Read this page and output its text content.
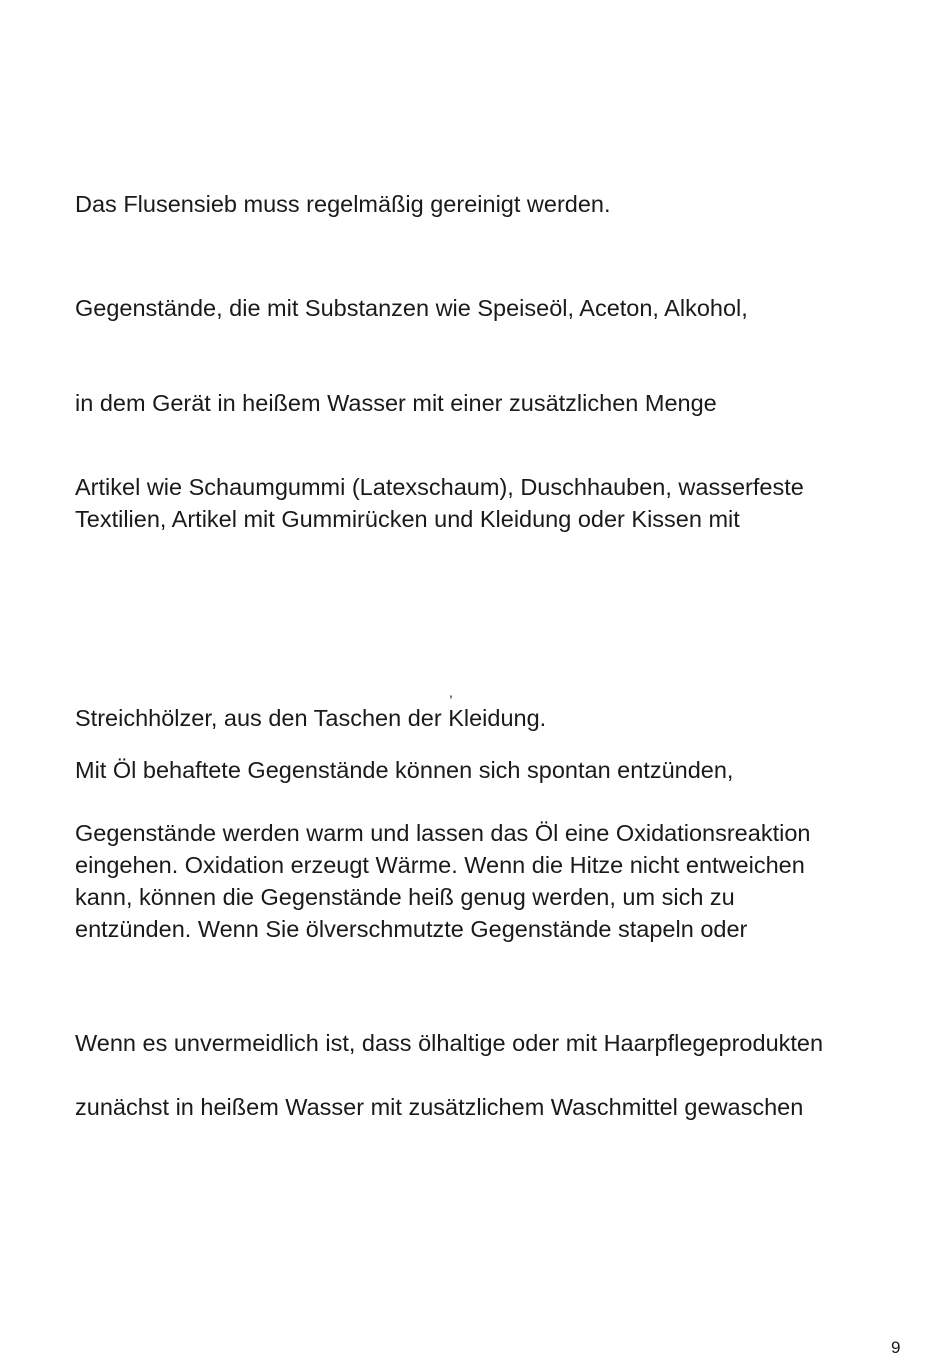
Das Flusensieb muss regelmäßig gereinigt werden.

Gegenstände, die mit Substanzen wie Speiseöl, Aceton, Alkohol,

in dem Gerät in heißem Wasser mit einer zusätzlichen Menge

Artikel wie Schaumgummi (Latexschaum), Duschhauben, wasserfeste

Textilien, Artikel mit Gummirücken und Kleidung oder Kissen mit

,

Streichhölzer, aus den Taschen der Kleidung.

Mit Öl behaftete Gegenstände können sich spontan entzünden,

Gegenstände werden warm und lassen das Öl eine Oxidationsreaktion

eingehen. Oxidation erzeugt Wärme. Wenn die Hitze nicht entweichen

kann, können die Gegenstände heiß genug werden, um sich zu

entzünden. Wenn Sie ölverschmutzte Gegenstände stapeln oder

Wenn es unvermeidlich ist, dass ölhaltige oder mit Haarpflegeprodukten

zunächst in heißem Wasser mit zusätzlichem Waschmittel gewaschen

9
